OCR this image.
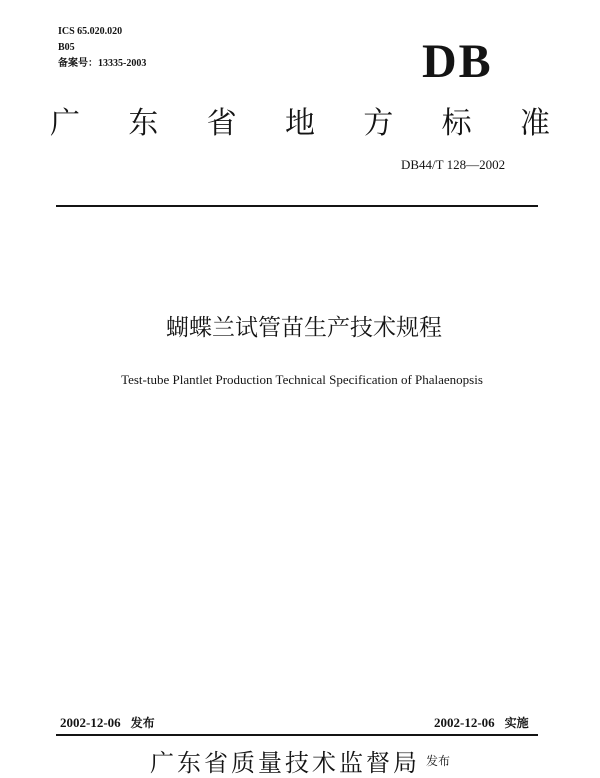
ICS 65.020.020
B05
备案号：13335-2003	DB
广 东 省 地 方 标 准
DB44/T 128—2002
蝴蝶兰试管苗生产技术规程
Test-tube Plantlet Production Technical Specification of Phalaenopsis
2002-12-06 发布	2002-12-06 实施
广东省质量技术监督局 $^{发布}$
